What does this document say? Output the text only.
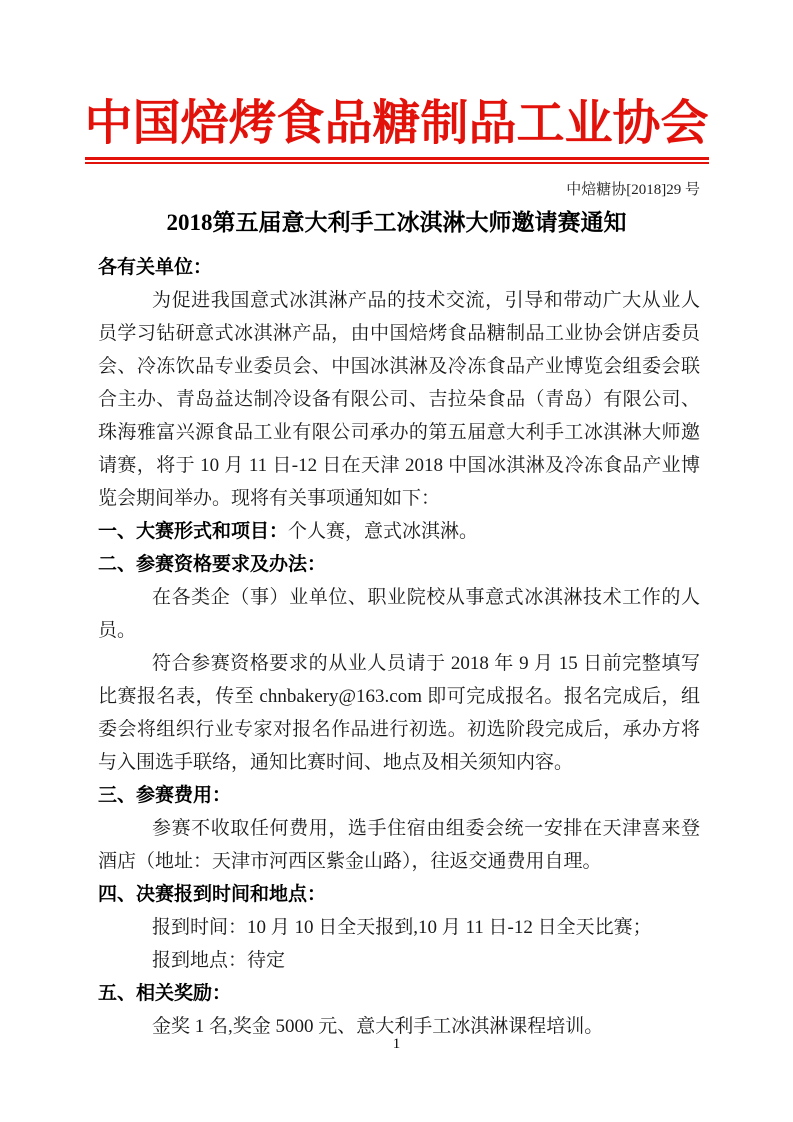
中国焙烤食品糖制品工业协会
中焙糖协[2018]29 号
2018第五届意大利手工冰淇淋大师邀请赛通知

各有关单位：

为促进我国意式冰淇淋产品的技术交流，引导和带动广大从业人员学习钻研意式冰淇淋产品，由中国焙烤食品糖制品工业协会饼店委员会、冷冻饮品专业委员会、中国冰淇淋及冷冻食品产业博览会组委会联合主办、青岛益达制冷设备有限公司、吉拉朵食品（青岛）有限公司、珠海雅富兴源食品工业有限公司承办的第五届意大利手工冰淇淋大师邀请赛，将于 10 月 11 日-12 日在天津 2018 中国冰淇淋及冷冻食品产业博览会期间举办。现将有关事项通知如下：

一、大赛形式和项目：个人赛，意式冰淇淋。

二、参赛资格要求及办法：

在各类企（事）业单位、职业院校从事意式冰淇淋技术工作的人员。

符合参赛资格要求的从业人员请于 2018 年 9 月 15 日前完整填写比赛报名表，传至 chnbakery@163.com 即可完成报名。报名完成后，组委会将组织行业专家对报名作品进行初选。初选阶段完成后，承办方将与入围选手联络，通知比赛时间、地点及相关须知内容。

三、参赛费用：

参赛不收取任何费用，选手住宿由组委会统一安排在天津喜来登酒店（地址：天津市河西区紫金山路），往返交通费用自理。

四、决赛报到时间和地点：

报到时间：10 月 10 日全天报到,10 月 11 日-12 日全天比赛；

报到地点：待定

五、相关奖励：

金奖 1 名,奖金 5000 元、意大利手工冰淇淋课程培训。

1
